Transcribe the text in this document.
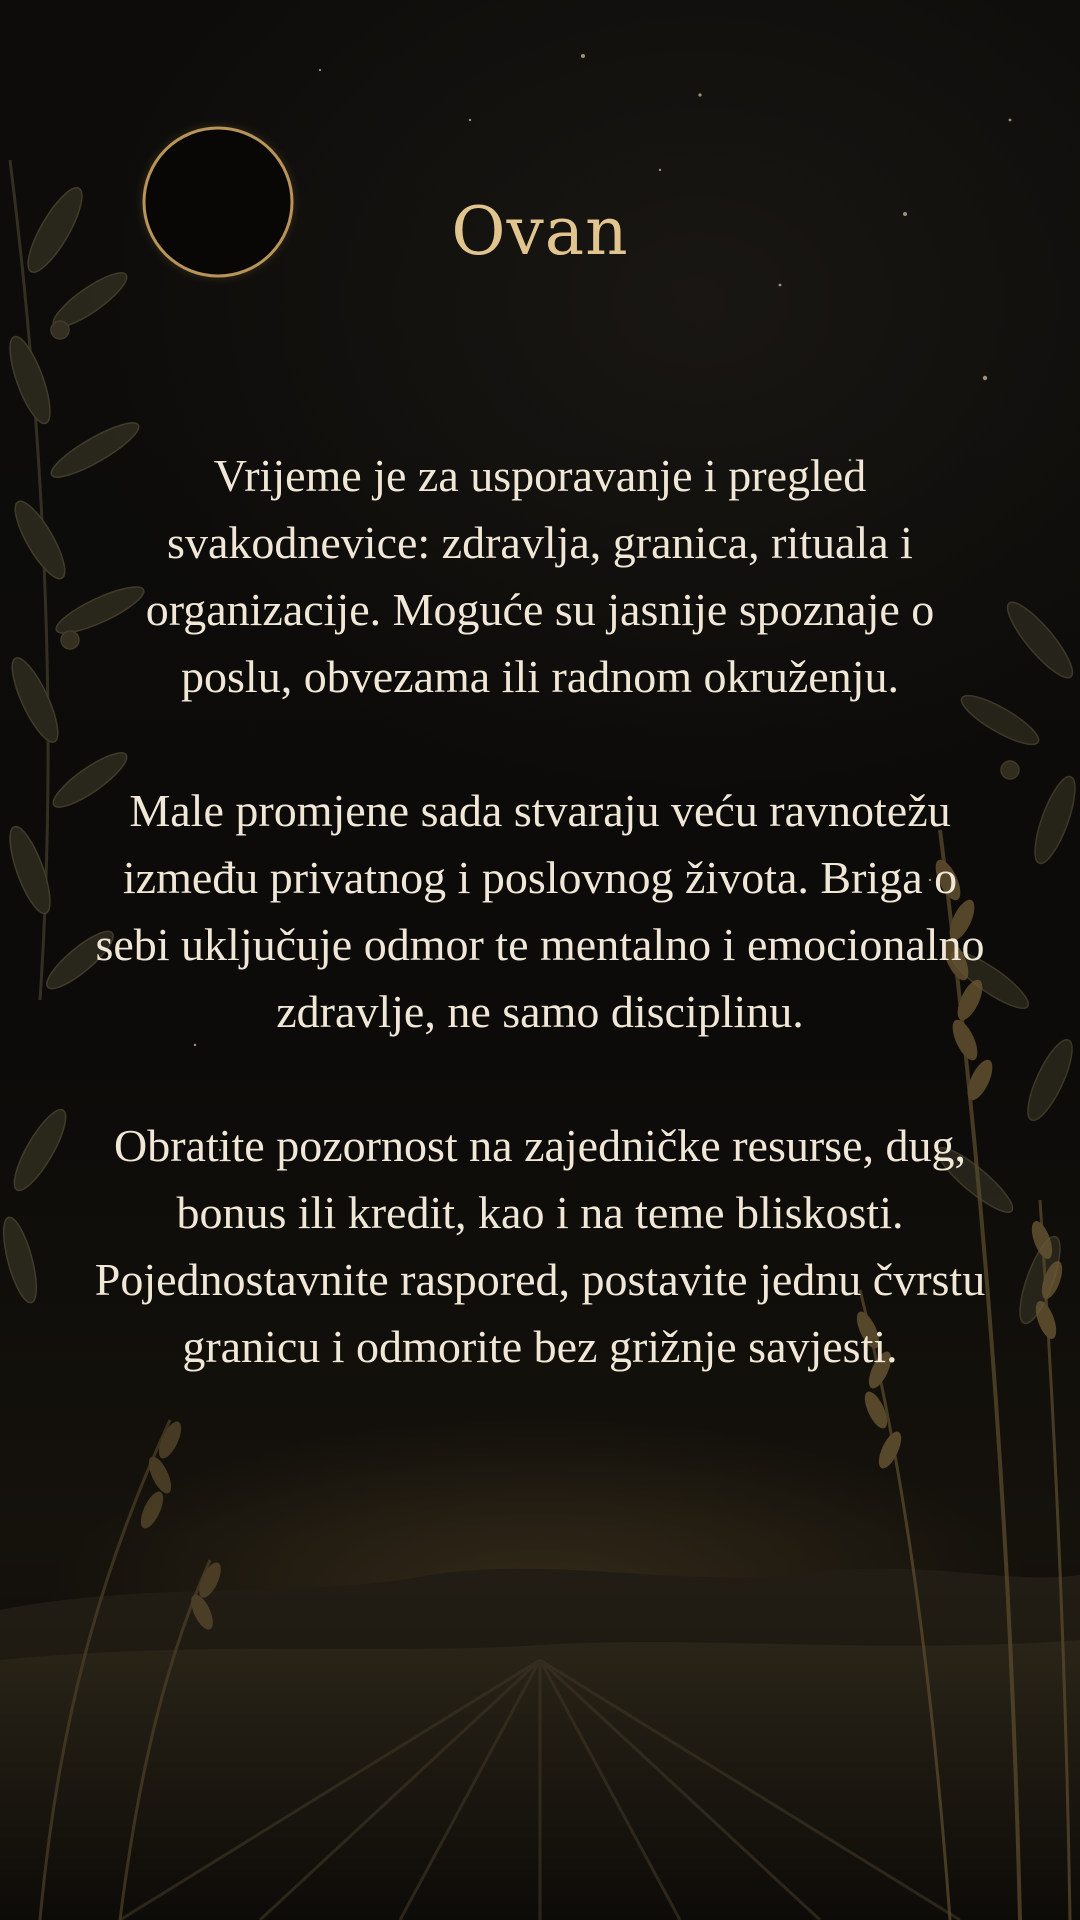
Ovan

Vrijeme je za usporavanje i pregled svakodnevice: zdravlja, granica, rituala i organizacije. Moguće su jasnije spoznaje o poslu, obvezama ili radnom okruženju.

Male promjene sada stvaraju veću ravnotežu između privatnog i poslovnog života. Briga o sebi uključuje odmor te mentalno i emocionalno zdravlje, ne samo disciplinu.

Obratite pozornost na zajedničke resurse, dug, bonus ili kredit, kao i na teme bliskosti. Pojednostavnite raspored, postavite jednu čvrstu granicu i odmorite bez grižnje savjesti.
